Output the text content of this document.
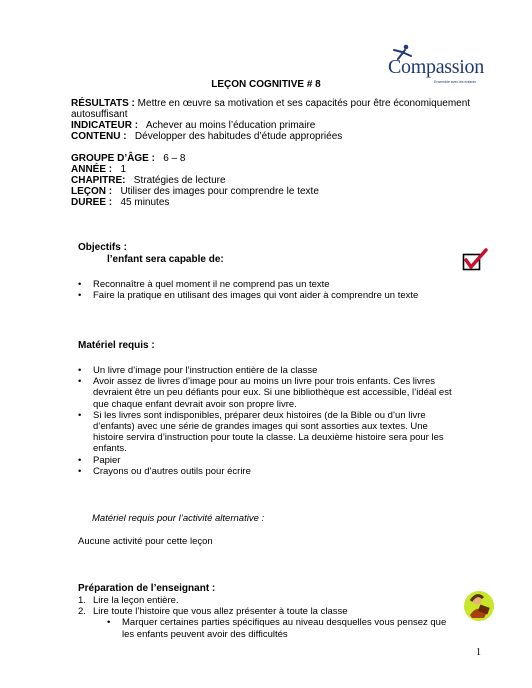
Compassion
Ensemble avec les enfants
LEÇON COGNITIVE # 8
RÉSULTATS : Mettre en œuvre sa motivation et ses capacités pour être économiquement autosuffisant
INDICATEUR : Achever au moins l’éducation primaire
CONTENU : Développer des habitudes d’étude appropriées
GROUPE D’ÂGE : 6 – 8
ANNÉE : 1
CHAPITRE: Stratégies de lecture
LEÇON : Utiliser des images pour comprendre le texte
DUREE : 45 minutes
Objectifs :
l’enfant sera capable de:
• Reconnaître à quel moment il ne comprend pas un texte
• Faire la pratique en utilisant des images qui vont aider à comprendre un texte
Matériel requis :
• Un livre d’image pour l’instruction entière de la classe
• Avoir assez de livres d’image pour au moins un livre pour trois enfants. Ces livres devraient être un peu défiants pour eux. Si une bibliothèque est accessible, l’idéal est que chaque enfant devrait avoir son propre livre.
• Si les livres sont indisponibles, préparer deux histoires (de la Bible ou d’un livre d’enfants) avec une série de grandes images qui sont assorties aux textes. Une histoire servira d’instruction pour toute la classe. La deuxième histoire sera pour les enfants.
• Papier
• Crayons ou d’autres outils pour écrire
Matériel requis pour l’activité alternative :
Aucune activité pour cette leçon
Préparation de l’enseignant :
1. Lire la leçon entière.
2. Lire toute l’histoire que vous allez présenter à toute la classe
• Marquer certaines parties spécifiques au niveau desquelles vous pensez que les enfants peuvent avoir des difficultés
1
